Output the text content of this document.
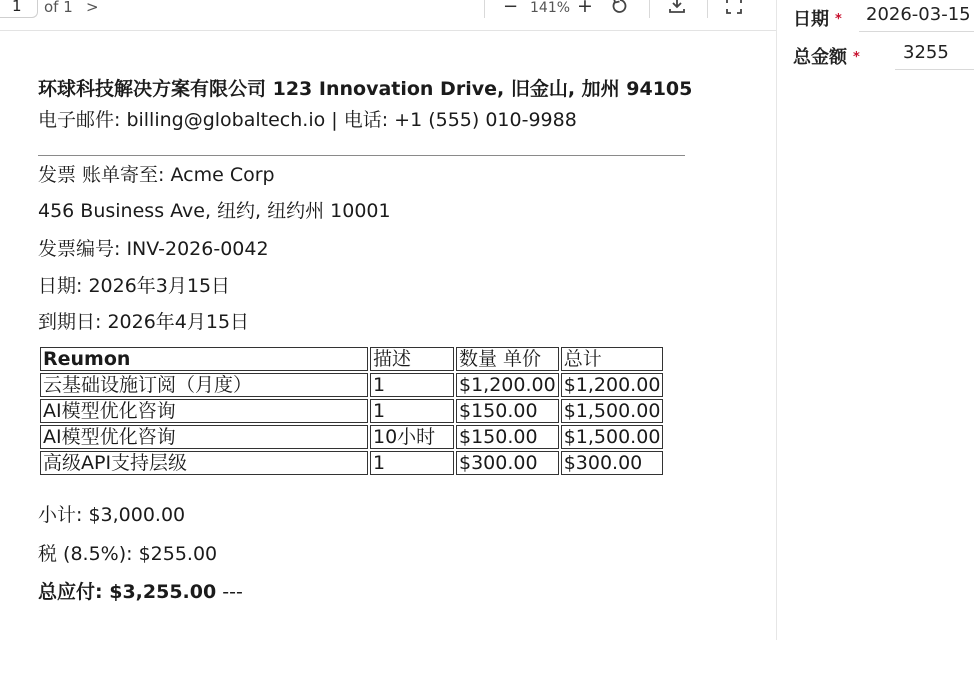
1	of 1 >	− 141% +
环球科技解决方案有限公司 123 Innovation Drive, 旧金山, 加州 94105
电子邮件: billing@globaltech.io | 电话: +1 (555) 010-9988
发票 账单寄至: Acme Corp
456 Business Ave, 纽约, 纽约州 10001
发票编号: INV-2026-0042
日期: 2026年3月15日
到期日: 2026年4月15日
Reumon	描述	数量 单价	总计
云基础设施订阅（月度）	1	$1,200.00	$1,200.00
AI模型优化咨询	1	$150.00	$1,500.00
AI模型优化咨询	10小时	$150.00	$1,500.00
高级API支持层级	1	$300.00	$300.00
小计: $3,000.00
税 (8.5%): $255.00
总应付: $3,255.00 ---
日期 *	2026-03-15
总金额 *	3255
